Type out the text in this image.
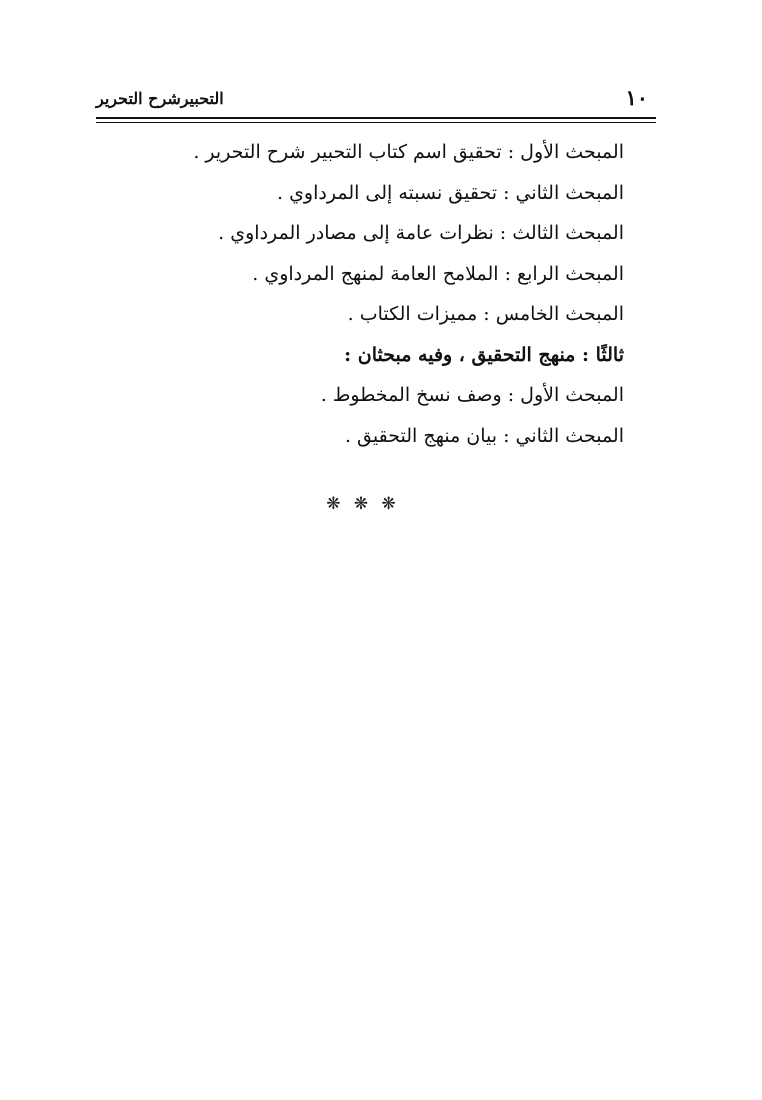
١٠
التحبيرشرح التحرير
المبحث الأول : تحقيق اسم كتاب التحبير شرح التحرير .
المبحث الثاني : تحقيق نسبته إلى المرداوي .
المبحث الثالث : نظرات عامة إلى مصادر المرداوي .
المبحث الرابع : الملامح العامة لمنهج المرداوي .
المبحث الخامس : مميزات الكتاب .
ثالثًا : منهج التحقيق ، وفيه مبحثان :
المبحث الأول : وصف نسخ المخطوط .
المبحث الثاني : بيان منهج التحقيق .
❋ ❋ ❋
